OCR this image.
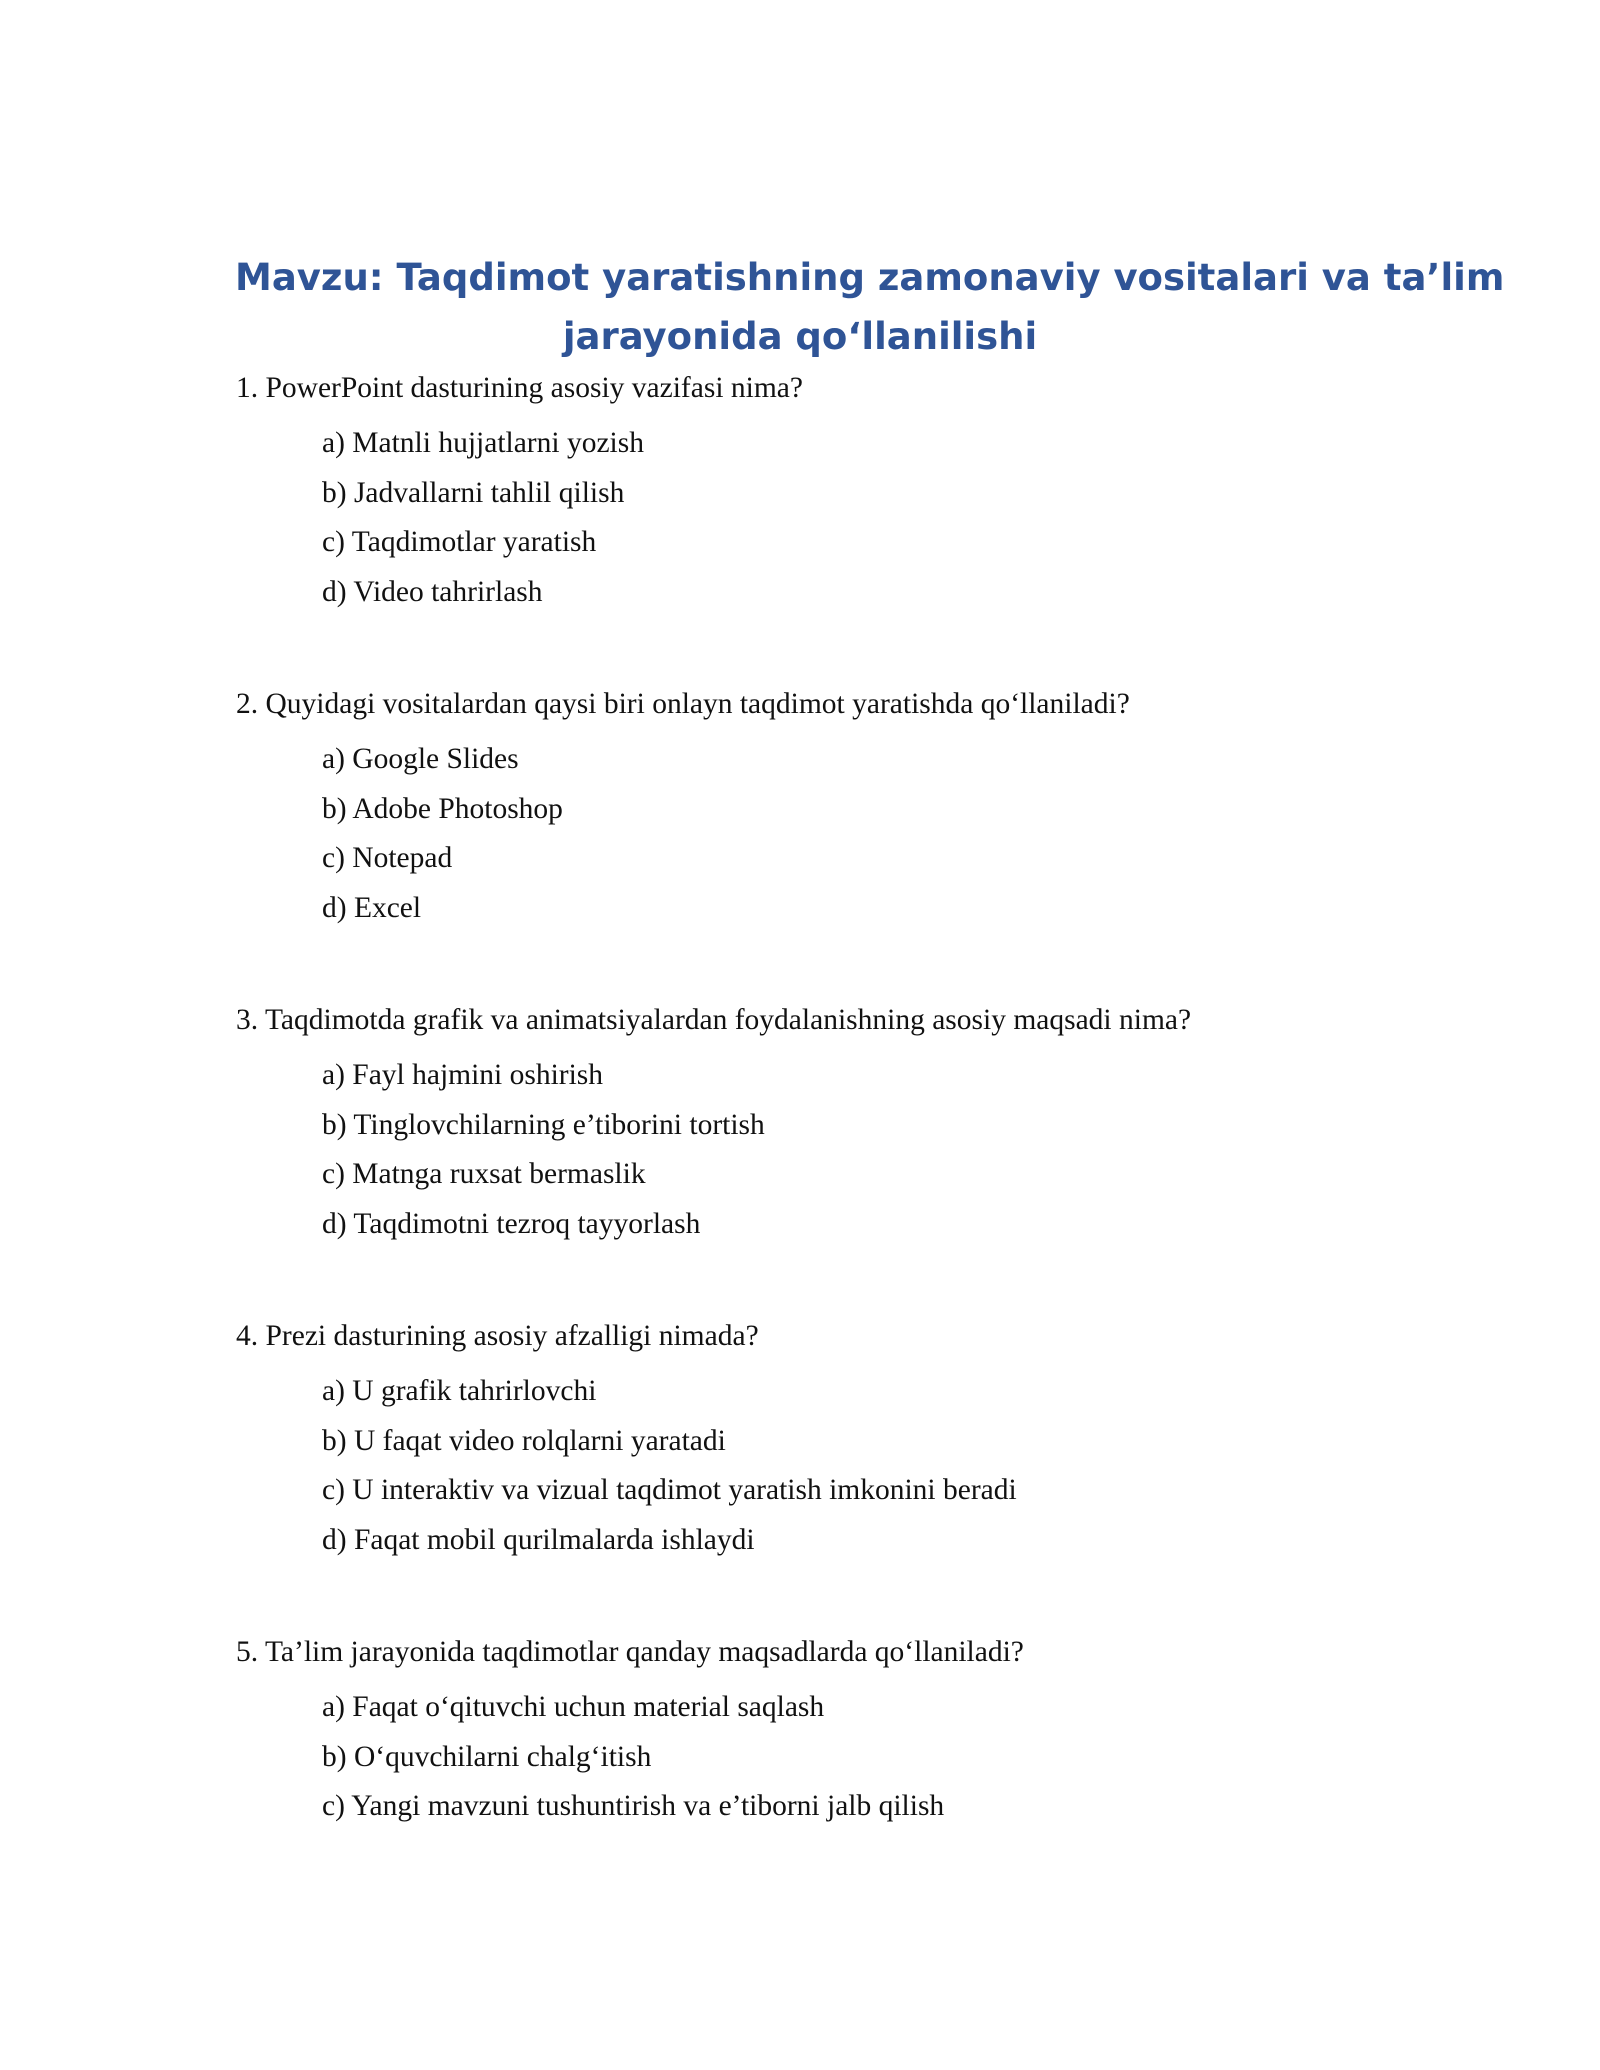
Mavzu: Taqdimot yaratishning zamonaviy vositalari va ta’lim
jarayonida qo‘llanilishi
1. PowerPoint dasturining asosiy vazifasi nima?
a) Matnli hujjatlarni yozish
b) Jadvallarni tahlil qilish
c) Taqdimotlar yaratish
d) Video tahrirlash
2. Quyidagi vositalardan qaysi biri onlayn taqdimot yaratishda qo‘llaniladi?
a) Google Slides
b) Adobe Photoshop
c) Notepad
d) Excel
3. Taqdimotda grafik va animatsiyalardan foydalanishning asosiy maqsadi nima?
a) Fayl hajmini oshirish
b) Tinglovchilarning e’tiborini tortish
c) Matnga ruxsat bermaslik
d) Taqdimotni tezroq tayyorlash
4. Prezi dasturining asosiy afzalligi nimada?
a) U grafik tahrirlovchi
b) U faqat video rolqlarni yaratadi
c) U interaktiv va vizual taqdimot yaratish imkonini beradi
d) Faqat mobil qurilmalarda ishlaydi
5. Ta’lim jarayonida taqdimotlar qanday maqsadlarda qo‘llaniladi?
a) Faqat o‘qituvchi uchun material saqlash
b) O‘quvchilarni chalg‘itish
c) Yangi mavzuni tushuntirish va e’tiborni jalb qilish
